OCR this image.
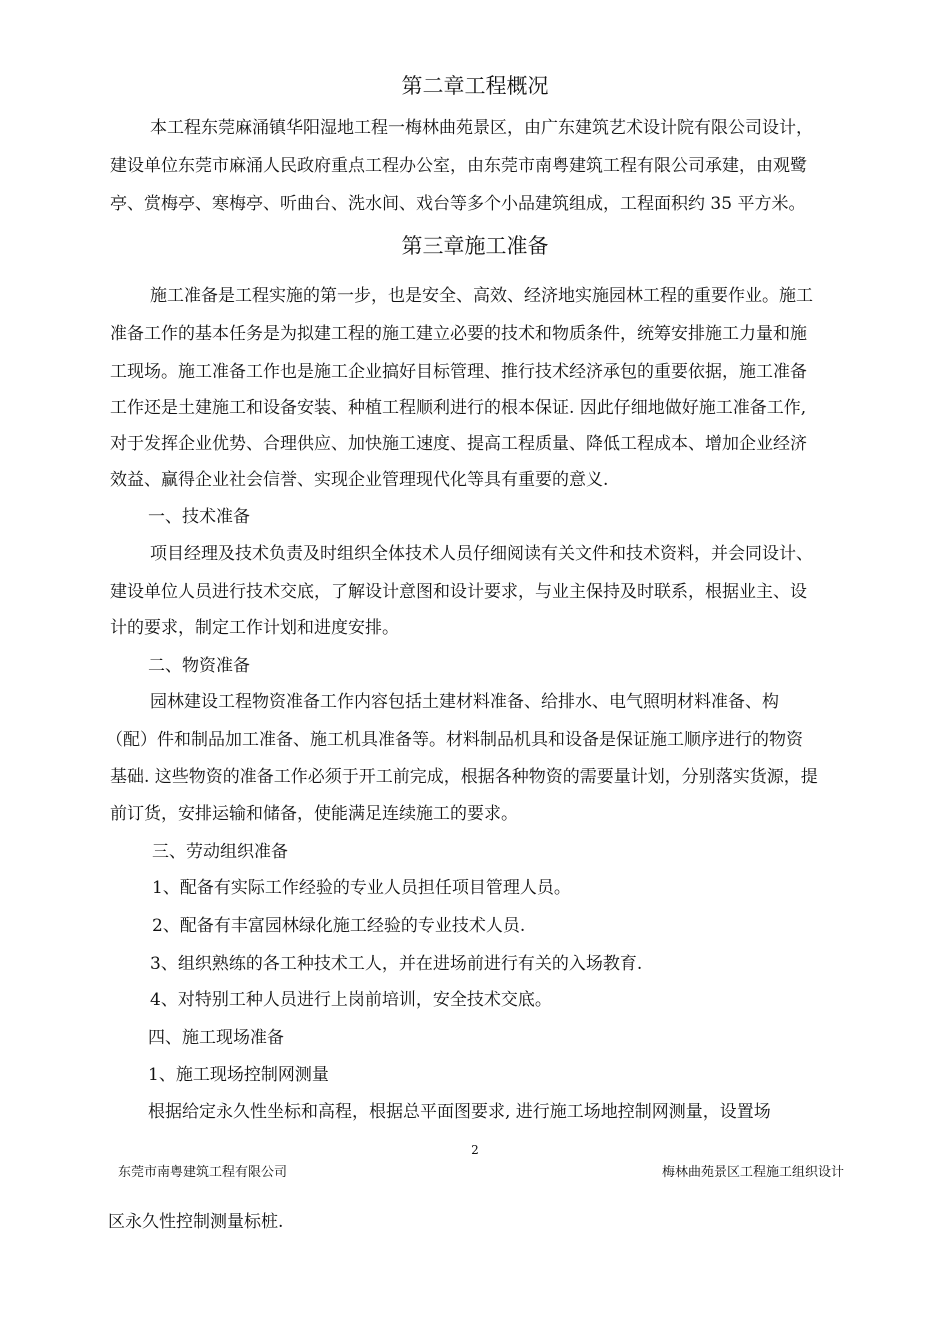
第二章工程概况
本工程东莞麻涌镇华阳湿地工程一梅林曲苑景区，由广东建筑艺术设计院有限公司设计，
建设单位东莞市麻涌人民政府重点工程办公室，由东莞市南粤建筑工程有限公司承建，由观鹭
亭、赏梅亭、寒梅亭、听曲台、洗水间、戏台等多个小品建筑组成，工程面积约 35 平方米。
第三章施工准备
施工准备是工程实施的第一步，也是安全、高效、经济地实施园林工程的重要作业。施工
准备工作的基本任务是为拟建工程的施工建立必要的技术和物质条件，统筹安排施工力量和施
工现场。施工准备工作也是施工企业搞好目标管理、推行技术经济承包的重要依据，施工准备
工作还是土建施工和设备安装、种植工程顺利进行的根本保证. 因此仔细地做好施工准备工作,
对于发挥企业优势、合理供应、加快施工速度、提高工程质量、降低工程成本、增加企业经济
效益、赢得企业社会信誉、实现企业管理现代化等具有重要的意义.
一、技术准备
项目经理及技术负责及时组织全体技术人员仔细阅读有关文件和技术资料，并会同设计、
建设单位人员进行技术交底，了解设计意图和设计要求，与业主保持及时联系，根据业主、设
计的要求，制定工作计划和进度安排。
二、物资准备
园林建设工程物资准备工作内容包括土建材料准备、给排水、电气照明材料准备、构
（配）件和制品加工准备、施工机具准备等。材料制品机具和设备是保证施工顺序进行的物资
基础. 这些物资的准备工作必须于开工前完成，根据各种物资的需要量计划，分别落实货源，提
前订货，安排运输和储备，使能满足连续施工的要求。
三、劳动组织准备
1、配备有实际工作经验的专业人员担任项目管理人员。
2、配备有丰富园林绿化施工经验的专业技术人员.
3、组织熟练的各工种技术工人，并在进场前进行有关的入场教育.
4、对特别工种人员进行上岗前培训，安全技术交底。
四、施工现场准备
1、施工现场控制网测量
根据给定永久性坐标和高程，根据总平面图要求, 进行施工场地控制网测量，设置场
2
东莞市南粤建筑工程有限公司	梅林曲苑景区工程施工组织设计
区永久性控制测量标桩.
